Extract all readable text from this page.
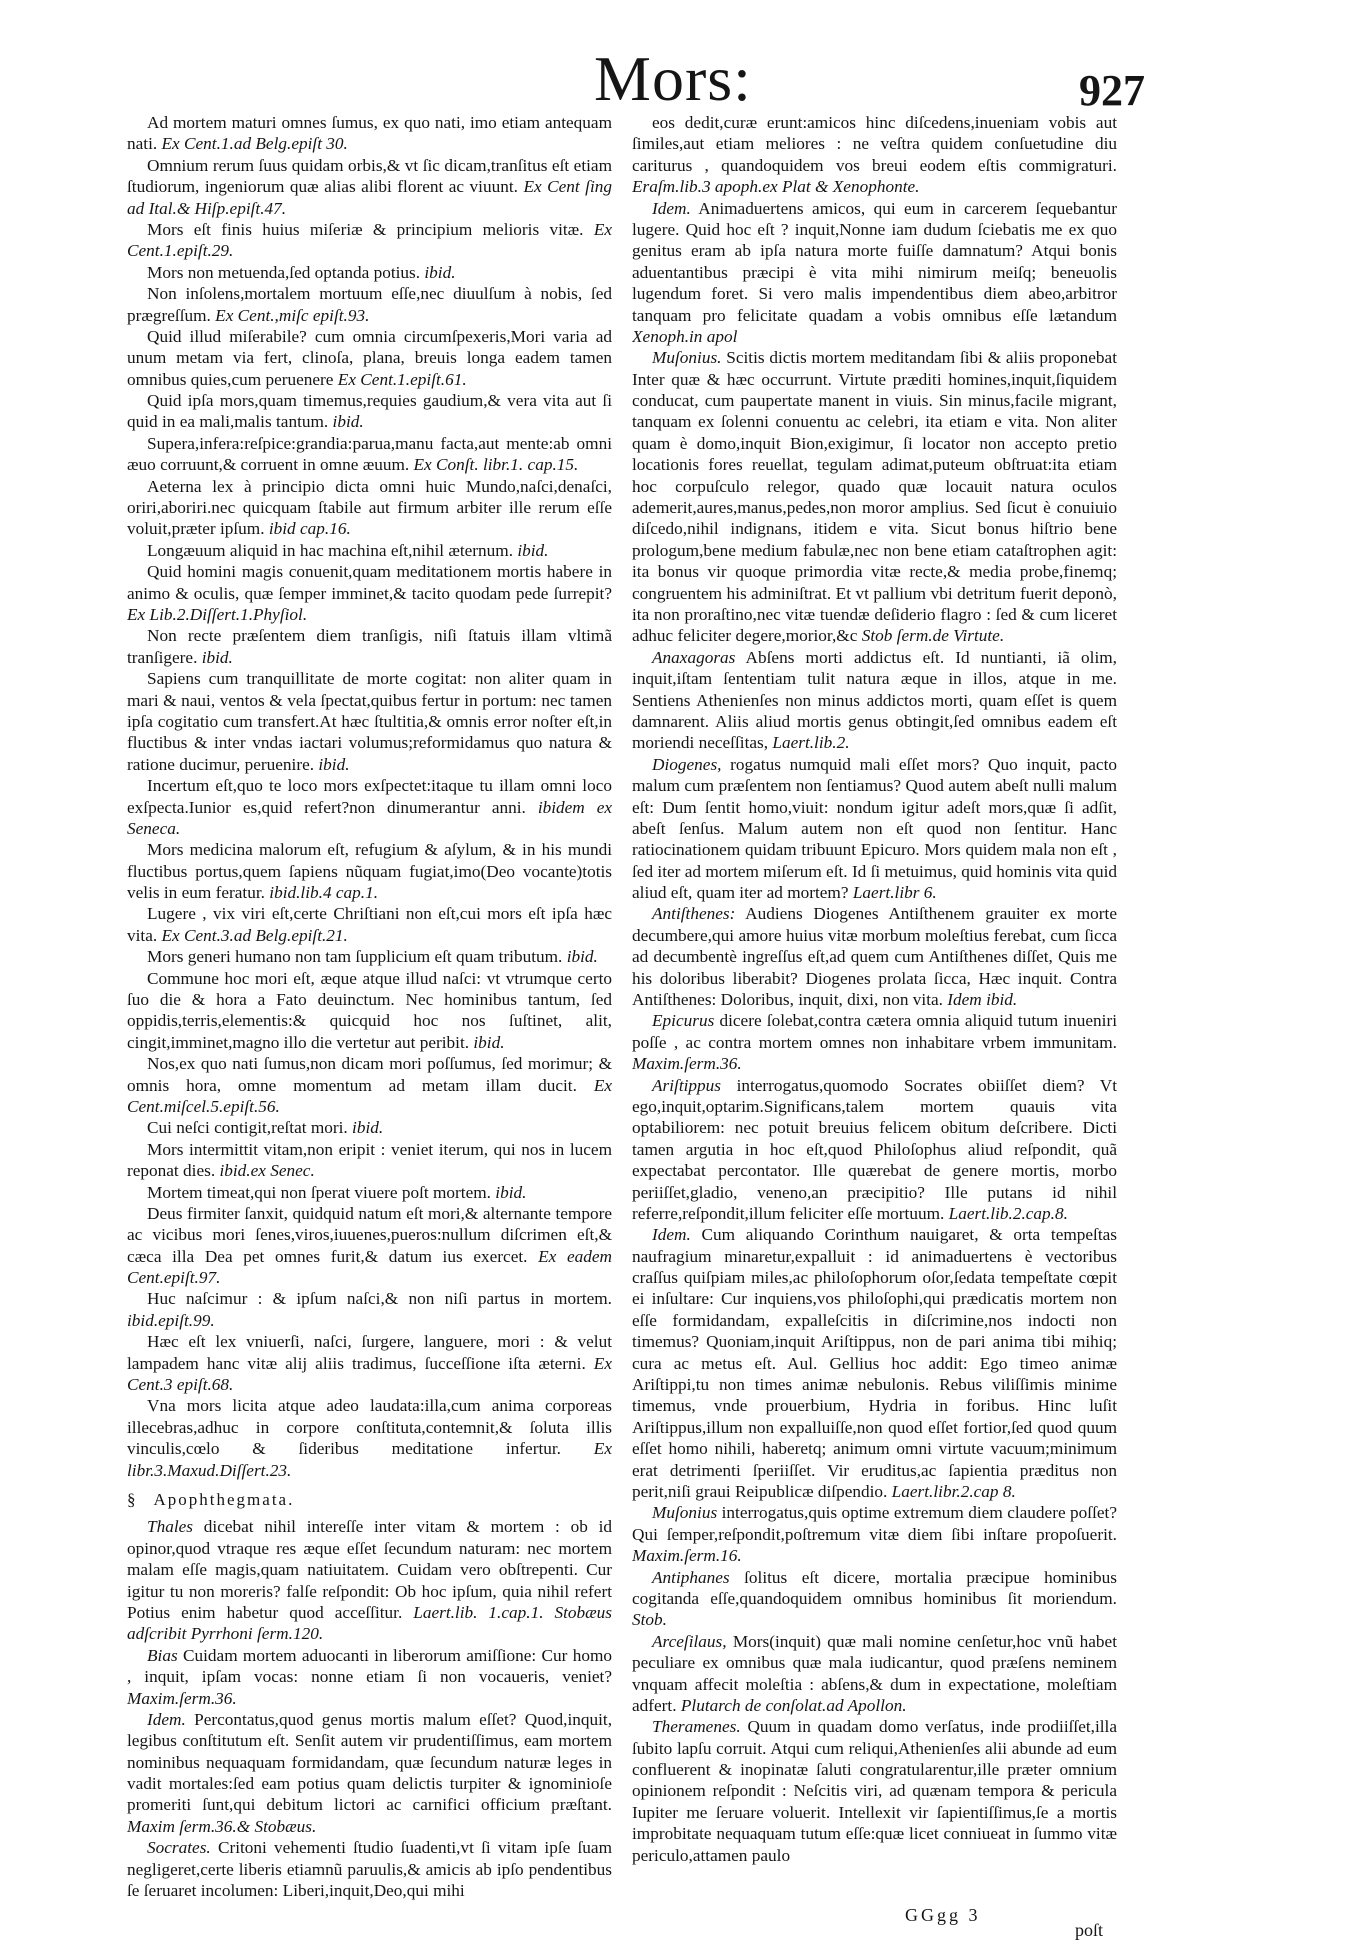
Mors:	927

Ad mortem maturi omnes ſumus, ex quo nati, imo etiam antequam nati. Ex Cent.1.ad Belg.epiſt 30.

Omnium rerum ſuus quidam orbis,& vt ſic dicam,tranſitus eſt etiam ſtudiorum, ingeniorum quæ alias alibi florent ac viuunt. Ex Cent ſing ad Ital.& Hiſp.epiſt.47.

Mors eſt finis huius miſeriæ & principium melioris vitæ. Ex Cent.1.epiſt.29.

Mors non metuenda,ſed optanda potius. ibid.

Non inſolens,mortalem mortuum eſſe,nec diuulſum à nobis, ſed prægreſſum. Ex Cent.,miſc epiſt.93.

Quid illud miſerabile? cum omnia circumſpexeris,Mori varia ad unum metam via fert, clinoſa, plana, breuis longa eadem tamen omnibus quies,cum peruenere Ex Cent.1.epiſt.61.

Quid ipſa mors,quam timemus,requies gaudium,& vera vita aut ſi quid in ea mali,malis tantum. ibid.

Supera,infera:reſpice:grandia:parua,manu facta,aut mente:ab omni æuo corruunt,& corruent in omne æuum. Ex Conſt. libr.1. cap.15.

Aeterna lex à principio dicta omni huic Mundo,naſci,denaſci, oriri,aboriri.nec quicquam ſtabile aut firmum arbiter ille rerum eſſe voluit,præter ipſum. ibid cap.16.

Longæuum aliquid in hac machina eſt,nihil æternum. ibid.

Quid homini magis conuenit,quam meditationem mortis habere in animo & oculis, quæ ſemper imminet,& tacito quodam pede ſurrepit? Ex Lib.2.Diſſert.1.Phyſiol.

Non recte præſentem diem tranſigis, niſi ſtatuis illam vltimã tranſigere. ibid.

Sapiens cum tranquillitate de morte cogitat: non aliter quam in mari & naui, ventos & vela ſpectat,quibus fertur in portum: nec tamen ipſa cogitatio cum transfert.At hæc ſtultitia,& omnis error noſter eſt,in fluctibus & inter vndas iactari volumus;reformidamus quo natura & ratione ducimur, peruenire. ibid.

Incertum eſt,quo te loco mors exſpectet:itaque tu illam omni loco exſpecta.Iunior es,quid refert?non dinumerantur anni. ibidem ex Seneca.

Mors medicina malorum eſt, refugium & aſylum, & in his mundi fluctibus portus,quem ſapiens nũquam fugiat,imo(Deo vocante)totis velis in eum feratur. ibid.lib.4 cap.1.

Lugere , vix viri eſt,certe Chriſtiani non eſt,cui mors eſt ipſa hæc vita. Ex Cent.3.ad Belg.epiſt.21.

Mors generi humano non tam ſupplicium eſt quam tributum. ibid.

Commune hoc mori eſt, æque atque illud naſci: vt vtrumque certo ſuo die & hora a Fato deuinctum. Nec hominibus tantum, ſed oppidis,terris,elementis:& quicquid hoc nos ſuſtinet, alit, cingit,imminet,magno illo die vertetur aut peribit. ibid.

Nos,ex quo nati ſumus,non dicam mori poſſumus, ſed morimur; & omnis hora, omne momentum ad metam illam ducit. Ex Cent.miſcel.5.epiſt.56.

Cui neſci contigit,reſtat mori. ibid.

Mors intermittit vitam,non eripit : veniet iterum, qui nos in lucem reponat dies. ibid.ex Senec.

Mortem timeat,qui non ſperat viuere poſt mortem. ibid.

Deus firmiter ſanxit, quidquid natum eſt mori,& alternante tempore ac vicibus mori ſenes,viros,iuuenes,pueros:nullum diſcrimen eſt,& cæca illa Dea pet omnes furit,& datum ius exercet. Ex eadem Cent.epiſt.97.

Huc naſcimur : & ipſum naſci,& non niſi partus in mortem. ibid.epiſt.99.

Hæc eſt lex vniuerſi, naſci, ſurgere, languere, mori : & velut lampadem hanc vitæ alij aliis tradimus, ſucceſſione iſta æterni. Ex Cent.3 epiſt.68.

Vna mors licita atque adeo laudata:illa,cum anima corporeas illecebras,adhuc in corpore conſtituta,contemnit,& ſoluta illis vinculis,cœlo & ſideribus meditatione infertur. Ex libr.3.Maxud.Diſſert.23.

§ Apophthegmata.

Thales dicebat nihil intereſſe inter vitam & mortem : ob id opinor,quod vtraque res æque eſſet ſecundum naturam: nec mortem malam eſſe magis,quam natiuitatem. Cuidam vero obſtrepenti. Cur igitur tu non moreris? falſe reſpondit: Ob hoc ipſum, quia nihil refert Potius enim habetur quod acceſſitur. Laert.lib. 1.cap.1. Stobæus adſcribit Pyrrhoni ſerm.120.

Bias Cuidam mortem aduocanti in liberorum amiſſione: Cur homo , inquit, ipſam vocas: nonne etiam ſi non vocaueris, veniet? Maxim.ſerm.36.

Idem. Percontatus,quod genus mortis malum eſſet? Quod,inquit, legibus conſtitutum eſt. Senſit autem vir prudentiſſimus, eam mortem nominibus nequaquam formidandam, quæ ſecundum naturæ leges in vadit mortales:ſed eam potius quam delictis turpiter & ignominioſe promeriti ſunt,qui debitum lictori ac carnifici officium præſtant. Maxim ſerm.36.& Stobæus.

Socrates. Critoni vehementi ſtudio ſuadenti,vt ſi vitam ipſe ſuam negligeret,certe liberis etiamnũ paruulis,& amicis ab ipſo pendentibus ſe ſeruaret incolumen: Liberi,inquit,Deo,qui mihi

eos dedit,curæ erunt:amicos hinc diſcedens,inueniam vobis aut ſimiles,aut etiam meliores : ne veſtra quidem conſuetudine diu cariturus , quandoquidem vos breui eodem eſtis commigraturi. Eraſm.lib.3 apoph.ex Plat & Xenophonte.

Idem. Animaduertens amicos, qui eum in carcerem ſequebantur lugere. Quid hoc eſt ? inquit,Nonne iam dudum ſciebatis me ex quo genitus eram ab ipſa natura morte fuiſſe damnatum? Atqui bonis aduentantibus præcipi è vita mihi nimirum meiſq; beneuolis lugendum foret. Si vero malis impendentibus diem abeo,arbitror tanquam pro felicitate quadam a vobis omnibus eſſe lætandum Xenoph.in apol

Muſonius. Scitis dictis mortem meditandam ſibi & aliis proponebat Inter quæ & hæc occurrunt. Virtute præditi homines,inquit,ſiquidem conducat, cum paupertate manent in viuis. Sin minus,facile migrant, tanquam ex ſolenni conuentu ac celebri, ita etiam e vita. Non aliter quam è domo,inquit Bion,exigimur, ſi locator non accepto pretio locationis fores reuellat, tegulam adimat,puteum obſtruat:ita etiam hoc corpuſculo relegor, quado quæ locauit natura oculos ademerit,aures,manus,pedes,non moror amplius. Sed ſicut è conuiuio diſcedo,nihil indignans, itidem e vita. Sicut bonus hiſtrio bene prologum,bene medium fabulæ,nec non bene etiam cataſtrophen agit: ita bonus vir quoque primordia vitæ recte,& media probe,finemq; congruentem his adminiſtrat. Et vt pallium vbi detritum fuerit deponò, ita non proraſtino,nec vitæ tuendæ deſiderio flagro : ſed & cum liceret adhuc feliciter degere,morior,&c Stob ſerm.de Virtute.

Anaxagoras Abſens morti addictus eſt. Id nuntianti, iã olim, inquit,iſtam ſententiam tulit natura æque in illos, atque in me. Sentiens Athenienſes non minus addictos morti, quam eſſet is quem damnarent. Aliis aliud mortis genus obtingit,ſed omnibus eadem eſt moriendi neceſſitas, Laert.lib.2.

Diogenes, rogatus numquid mali eſſet mors? Quo inquit, pacto malum cum præſentem non ſentiamus? Quod autem abeſt nulli malum eſt: Dum ſentit homo,viuit: nondum igitur adeſt mors,quæ ſi adſit, abeſt ſenſus. Malum autem non eſt quod non ſentitur. Hanc ratiocinationem quidam tribuunt Epicuro. Mors quidem mala non eſt , ſed iter ad mortem miſerum eſt. Id ſi metuimus, quid hominis vita quid aliud eſt, quam iter ad mortem? Laert.libr 6.

Antiſthenes: Audiens Diogenes Antiſthenem grauiter ex morte decumbere,qui amore huius vitæ morbum moleſtius ferebat, cum ſicca ad decumbentè ingreſſus eſt,ad quem cum Antiſthenes diſſet, Quis me his doloribus liberabit? Diogenes prolata ſicca, Hæc inquit. Contra Antiſthenes: Doloribus, inquit, dixi, non vita. Idem ibid.

Epicurus dicere ſolebat,contra cætera omnia aliquid tutum inueniri poſſe , ac contra mortem omnes non inhabitare vrbem immunitam. Maxim.ſerm.36.

Ariſtippus interrogatus,quomodo Socrates obiiſſet diem? Vt ego,inquit,optarim.Significans,talem mortem quauis vita optabiliorem: nec potuit breuius felicem obitum deſcribere. Dicti tamen argutia in hoc eſt,quod Philoſophus aliud reſpondit, quã expectabat percontator. Ille quærebat de genere mortis, morbo periiſſet,gladio, veneno,an præcipitio? Ille putans id nihil referre,reſpondit,illum feliciter eſſe mortuum. Laert.lib.2.cap.8.

Idem. Cum aliquando Corinthum nauigaret, & orta tempeſtas naufragium minaretur,expalluit : id animaduertens è vectoribus craſſus quiſpiam miles,ac philoſophorum oſor,ſedata tempeſtate cœpit ei inſultare: Cur inquiens,vos philoſophi,qui prædicatis mortem non eſſe formidandam, expalleſcitis in diſcrimine,nos indocti non timemus? Quoniam,inquit Ariſtippus, non de pari anima tibi mihiq; cura ac metus eſt. Aul. Gellius hoc addit: Ego timeo animæ Ariſtippi,tu non times animæ nebulonis. Rebus viliſſimis minime timemus, vnde prouerbium, Hydria in foribus. Hinc luſit Ariſtippus,illum non expalluiſſe,non quod eſſet fortior,ſed quod quum eſſet homo nihili, haberetq; animum omni virtute vacuum;minimum erat detrimenti ſperiiſſet. Vir eruditus,ac ſapientia præditus non perit,niſi graui Reipublicæ diſpendio. Laert.libr.2.cap 8.

Muſonius interrogatus,quis optime extremum diem claudere poſſet? Qui ſemper,reſpondit,poſtremum vitæ diem ſibi inſtare propoſuerit. Maxim.ſerm.16.

Antiphanes ſolitus eſt dicere, mortalia præcipue hominibus cogitanda eſſe,quandoquidem omnibus hominibus ſit moriendum. Stob.

Arceſilaus, Mors(inquit) quæ mali nomine cenſetur,hoc vnũ habet peculiare ex omnibus quæ mala iudicantur, quod præſens neminem vnquam affecit moleſtia : abſens,& dum in expectatione, moleſtiam adfert. Plutarch de conſolat.ad Apollon.

Theramenes. Quum in quadam domo verſatus, inde prodiiſſet,illa ſubito lapſu corruit. Atqui cum reliqui,Athenienſes alii abunde ad eum confluerent & inopinatæ ſaluti congratularentur,ille præter omnium opinionem reſpondit : Neſcitis viri, ad quænam tempora & pericula Iupiter me ſeruare voluerit. Intellexit vir ſapientiſſimus,ſe a mortis improbitate nequaquam tutum eſſe:quæ licet conniueat in ſummo vitæ periculo,attamen paulo

GGgg 3
poſt
